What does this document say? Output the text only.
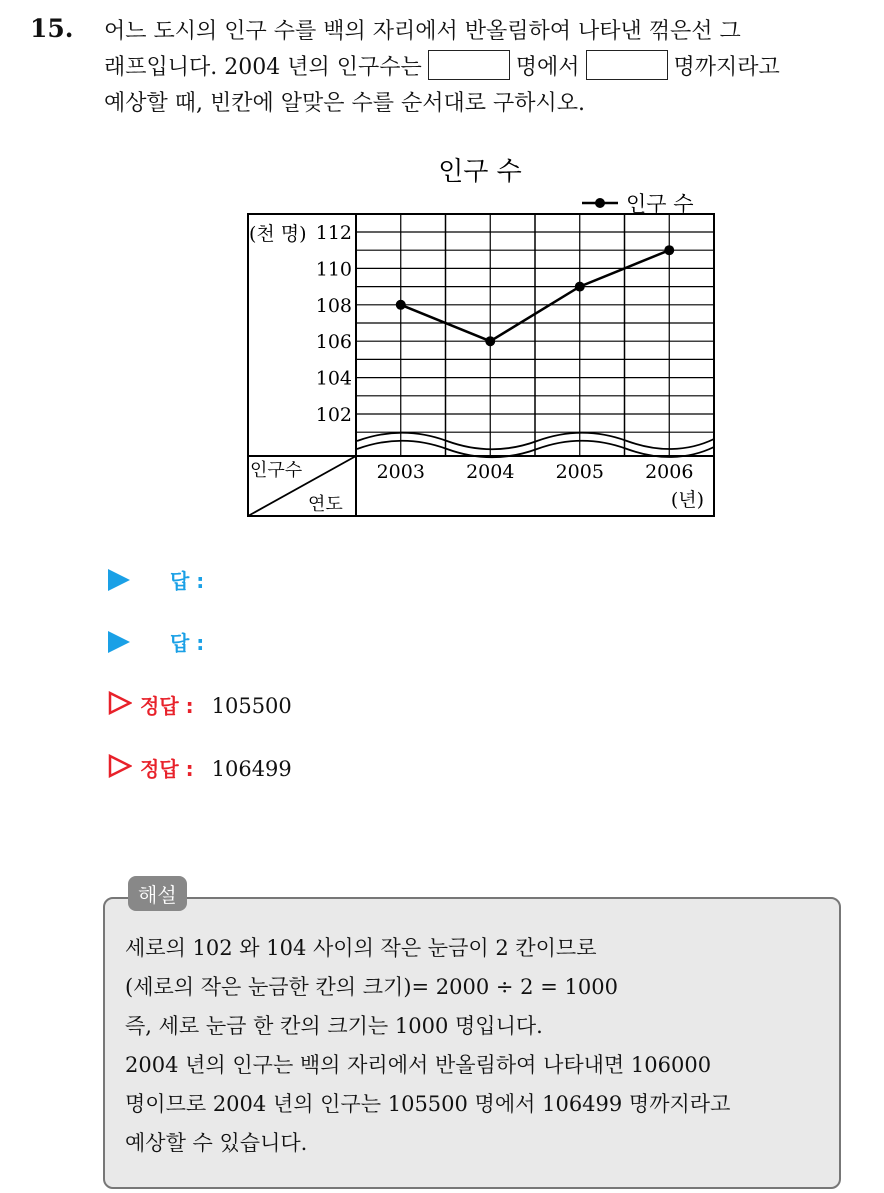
15. 어느 도시의 인구 수를 백의 자리에서 반올림하여 나타낸 꺾은선 그
래프입니다. 2004 년의 인구수는	명에서	명까지라고
예상할 때, 빈칸에 알맞은 수를 순서대로 구하시오.
인구 수
인구 수
(천 명)
인구수
연도	(년)
102
104
106
108
110
112
2003 2004 2005 2006
답 :
답 :
정답 : 105500
정답 : 106499
해설
세로의 102 와 104 사이의 작은 눈금이 2 칸이므로
(세로의 작은 눈금한 칸의 크기)= 2000 ÷ 2 = 1000
즉, 세로 눈금 한 칸의 크기는 1000 명입니다.
2004 년의 인구는 백의 자리에서 반올림하여 나타내면 106000
명이므로 2004 년의 인구는 105500 명에서 106499 명까지라고
예상할 수 있습니다.
